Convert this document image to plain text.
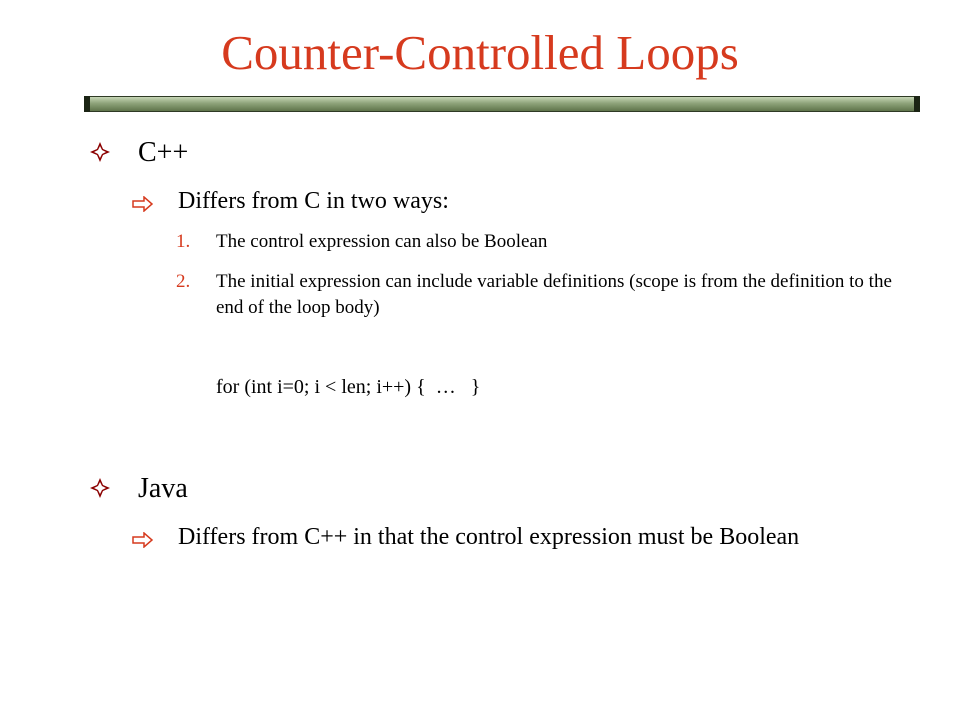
Counter-Controlled Loops
C++
Differs from C in two ways:
1. The control expression can also be Boolean
2. The initial expression can include variable definitions (scope is from the definition to the end of the loop body)
for (int i=0; i < len; i++) {  …   }
Java
Differs from C++ in that the control expression must be Boolean
